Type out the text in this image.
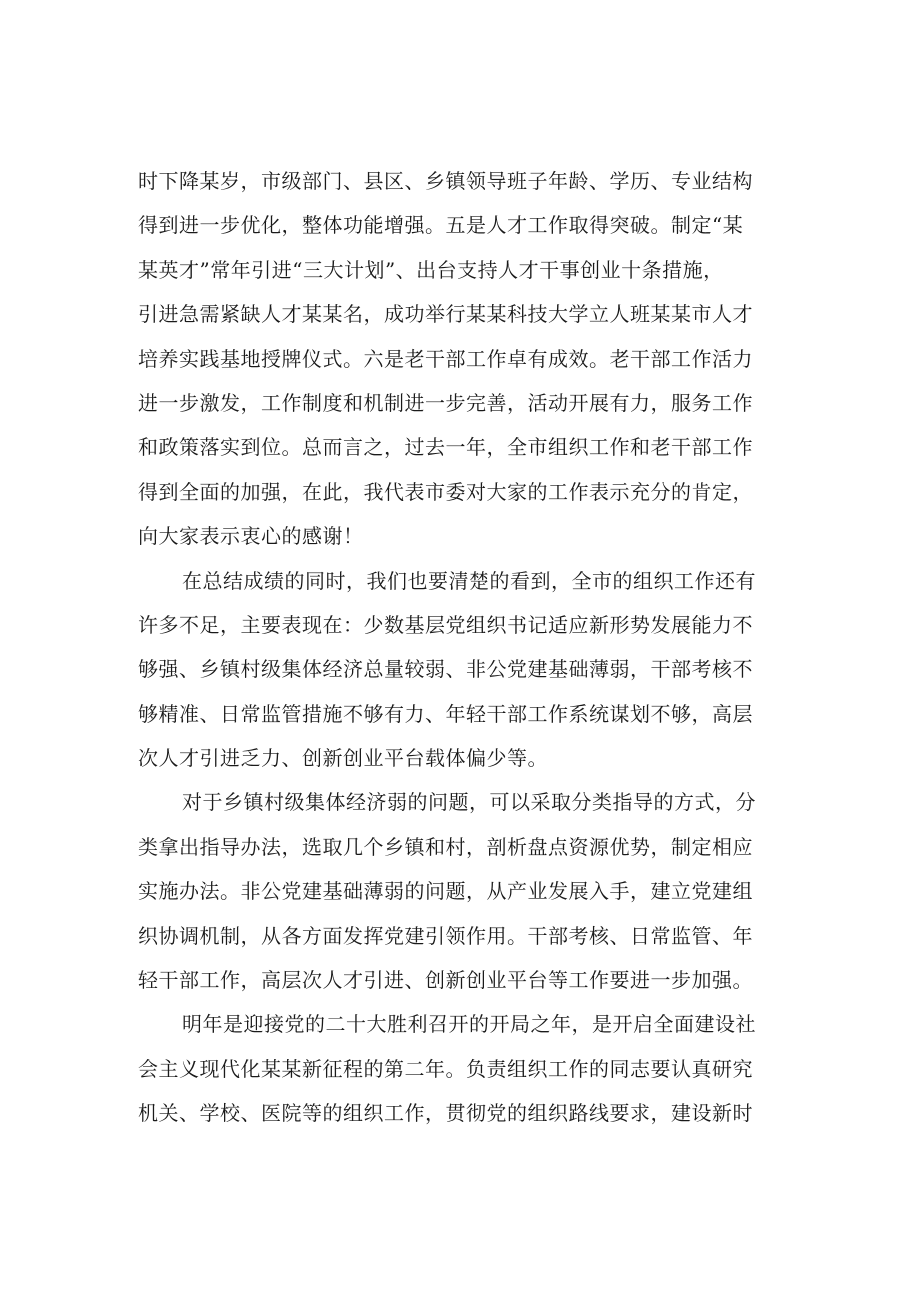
时下降某岁，市级部门、县区、乡镇领导班子年龄、学历、专业结构
得到进一步优化，整体功能增强。五是人才工作取得突破。制定“某
某英才”常年引进“三大计划”、出台支持人才干事创业十条措施，
引进急需紧缺人才某某名，成功举行某某科技大学立人班某某市人才
培养实践基地授牌仪式。六是老干部工作卓有成效。老干部工作活力
进一步激发，工作制度和机制进一步完善，活动开展有力，服务工作
和政策落实到位。总而言之，过去一年，全市组织工作和老干部工作
得到全面的加强，在此，我代表市委对大家的工作表示充分的肯定，
向大家表示衷心的感谢！
在总结成绩的同时，我们也要清楚的看到，全市的组织工作还有
许多不足，主要表现在：少数基层党组织书记适应新形势发展能力不
够强、乡镇村级集体经济总量较弱、非公党建基础薄弱，干部考核不
够精准、日常监管措施不够有力、年轻干部工作系统谋划不够，高层
次人才引进乏力、创新创业平台载体偏少等。
对于乡镇村级集体经济弱的问题，可以采取分类指导的方式，分
类拿出指导办法，选取几个乡镇和村，剖析盘点资源优势，制定相应
实施办法。非公党建基础薄弱的问题，从产业发展入手，建立党建组
织协调机制，从各方面发挥党建引领作用。干部考核、日常监管、年
轻干部工作，高层次人才引进、创新创业平台等工作要进一步加强。
明年是迎接党的二十大胜利召开的开局之年，是开启全面建设社
会主义现代化某某新征程的第二年。负责组织工作的同志要认真研究
机关、学校、医院等的组织工作，贯彻党的组织路线要求，建设新时
